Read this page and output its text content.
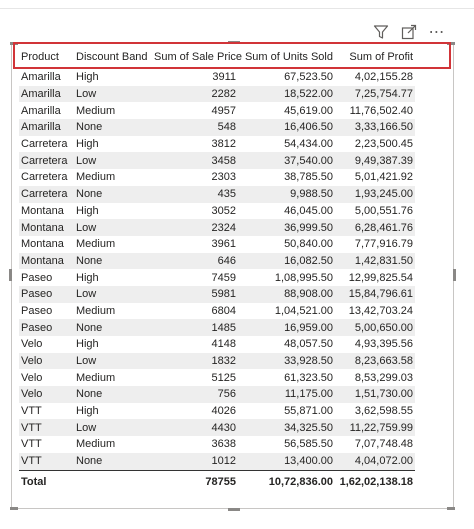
⋯
Product	Discount Band	Sum of Sale Price	Sum of Units Sold	Sum of Profit
Amarilla	High	3911	67,523.50	4,02,155.28
Amarilla	Low	2282	18,522.00	7,25,754.77
Amarilla	Medium	4957	45,619.00	11,76,502.40
Amarilla	None	548	16,406.50	3,33,166.50
Carretera	High	3812	54,434.00	2,23,500.45
Carretera	Low	3458	37,540.00	9,49,387.39
Carretera	Medium	2303	38,785.50	5,01,421.92
Carretera	None	435	9,988.50	1,93,245.00
Montana	High	3052	46,045.00	5,00,551.76
Montana	Low	2324	36,999.50	6,28,461.76
Montana	Medium	3961	50,840.00	7,77,916.79
Montana	None	646	16,082.50	1,42,831.50
Paseo	High	7459	1,08,995.50	12,99,825.54
Paseo	Low	5981	88,908.00	15,84,796.61
Paseo	Medium	6804	1,04,521.00	13,42,703.24
Paseo	None	1485	16,959.00	5,00,650.00
Velo	High	4148	48,057.50	4,93,395.56
Velo	Low	1832	33,928.50	8,23,663.58
Velo	Medium	5125	61,323.50	8,53,299.03
Velo	None	756	11,175.00	1,51,730.00
VTT	High	4026	55,871.00	3,62,598.55
VTT	Low	4430	34,325.50	11,22,759.99
VTT	Medium	3638	56,585.50	7,07,748.48
VTT	None	1012	13,400.00	4,04,072.00
Total		78755	10,72,836.00	1,62,02,138.18
